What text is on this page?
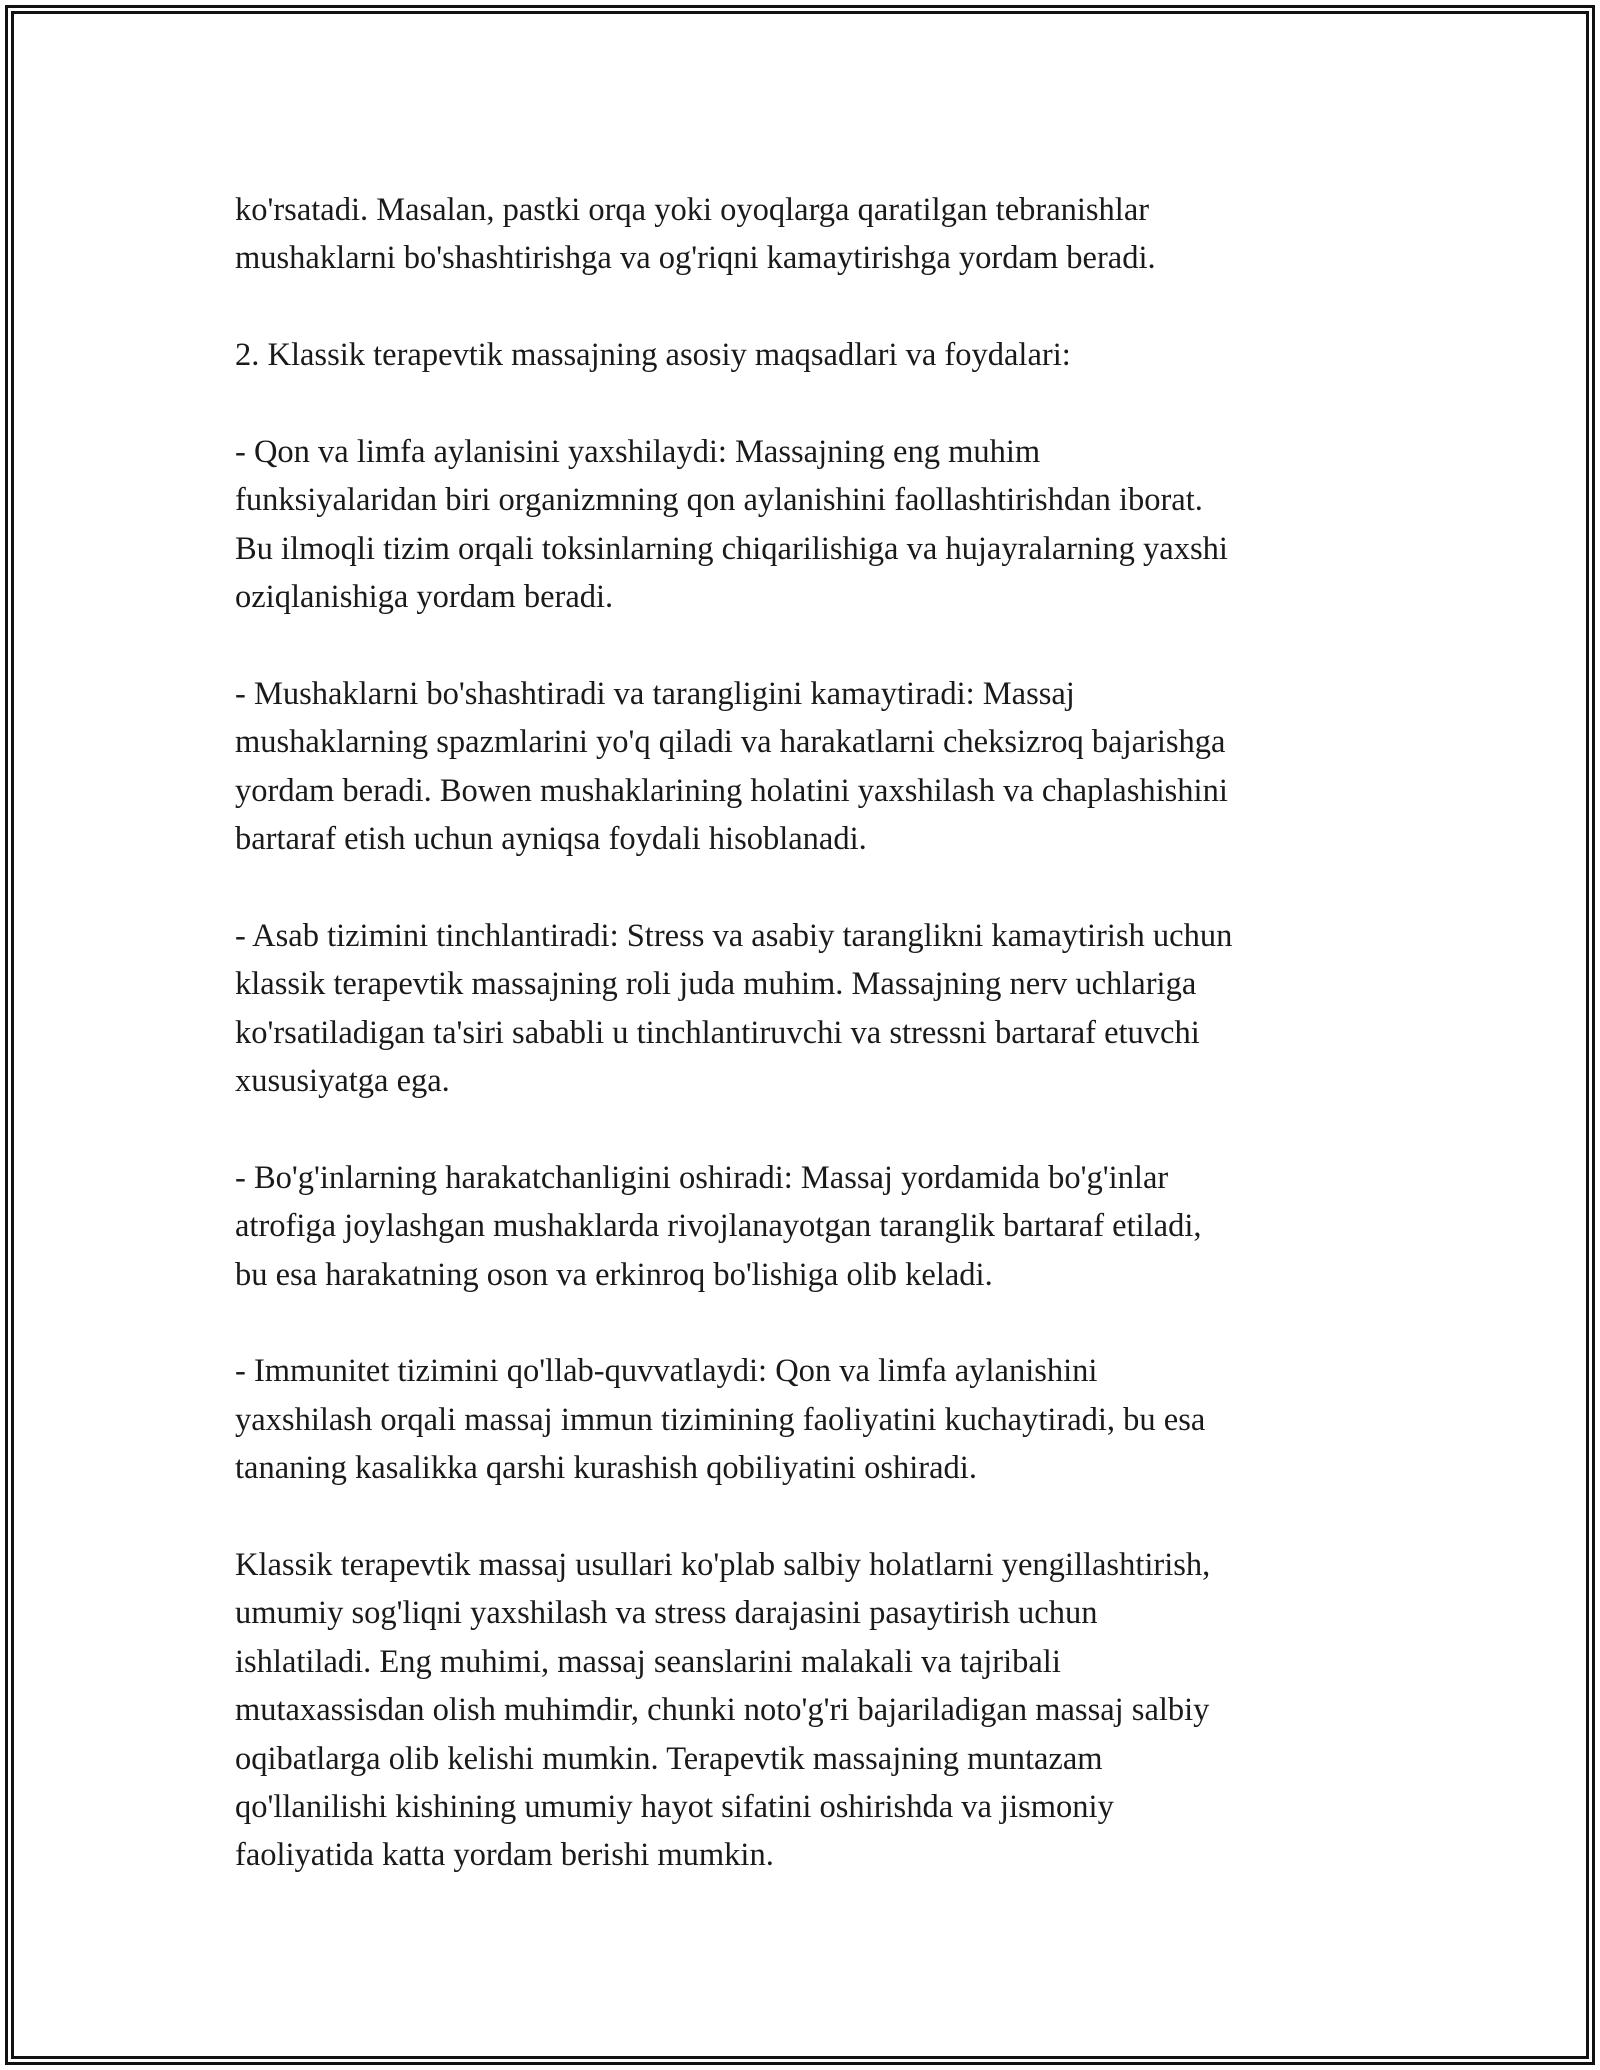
ko'rsatadi. Masalan, pastki orqa yoki oyoqlarga qaratilgan tebranishlar
mushaklarni bo'shashtirishga va og'riqni kamaytirishga yordam beradi.
2. Klassik terapevtik massajning asosiy maqsadlari va foydalari:
- Qon va limfa aylanisini yaxshilaydi: Massajning eng muhim
funksiyalaridan biri organizmning qon aylanishini faollashtirishdan iborat.
Bu ilmoqli tizim orqali toksinlarning chiqarilishiga va hujayralarning yaxshi
oziqlanishiga yordam beradi.
- Mushaklarni bo'shashtiradi va tarangligini kamaytiradi: Massaj
mushaklarning spazmlarini yo'q qiladi va harakatlarni cheksizroq bajarishga
yordam beradi. Bowen mushaklarining holatini yaxshilash va chaplashishini
bartaraf etish uchun ayniqsa foydali hisoblanadi.
- Asab tizimini tinchlantiradi: Stress va asabiy taranglikni kamaytirish uchun
klassik terapevtik massajning roli juda muhim. Massajning nerv uchlariga
ko'rsatiladigan ta'siri sababli u tinchlantiruvchi va stressni bartaraf etuvchi
xususiyatga ega.
- Bo'g'inlarning harakatchanligini oshiradi: Massaj yordamida bo'g'inlar
atrofiga joylashgan mushaklarda rivojlanayotgan taranglik bartaraf etiladi,
bu esa harakatning oson va erkinroq bo'lishiga olib keladi.
- Immunitet tizimini qo'llab-quvvatlaydi: Qon va limfa aylanishini
yaxshilash orqali massaj immun tizimining faoliyatini kuchaytiradi, bu esa
tananing kasalikka qarshi kurashish qobiliyatini oshiradi.
Klassik terapevtik massaj usullari ko'plab salbiy holatlarni yengillashtirish,
umumiy sog'liqni yaxshilash va stress darajasini pasaytirish uchun
ishlatiladi. Eng muhimi, massaj seanslarini malakali va tajribali
mutaxassisdan olish muhimdir, chunki noto'g'ri bajariladigan massaj salbiy
oqibatlarga olib kelishi mumkin. Terapevtik massajning muntazam
qo'llanilishi kishining umumiy hayot sifatini oshirishda va jismoniy
faoliyatida katta yordam berishi mumkin.
